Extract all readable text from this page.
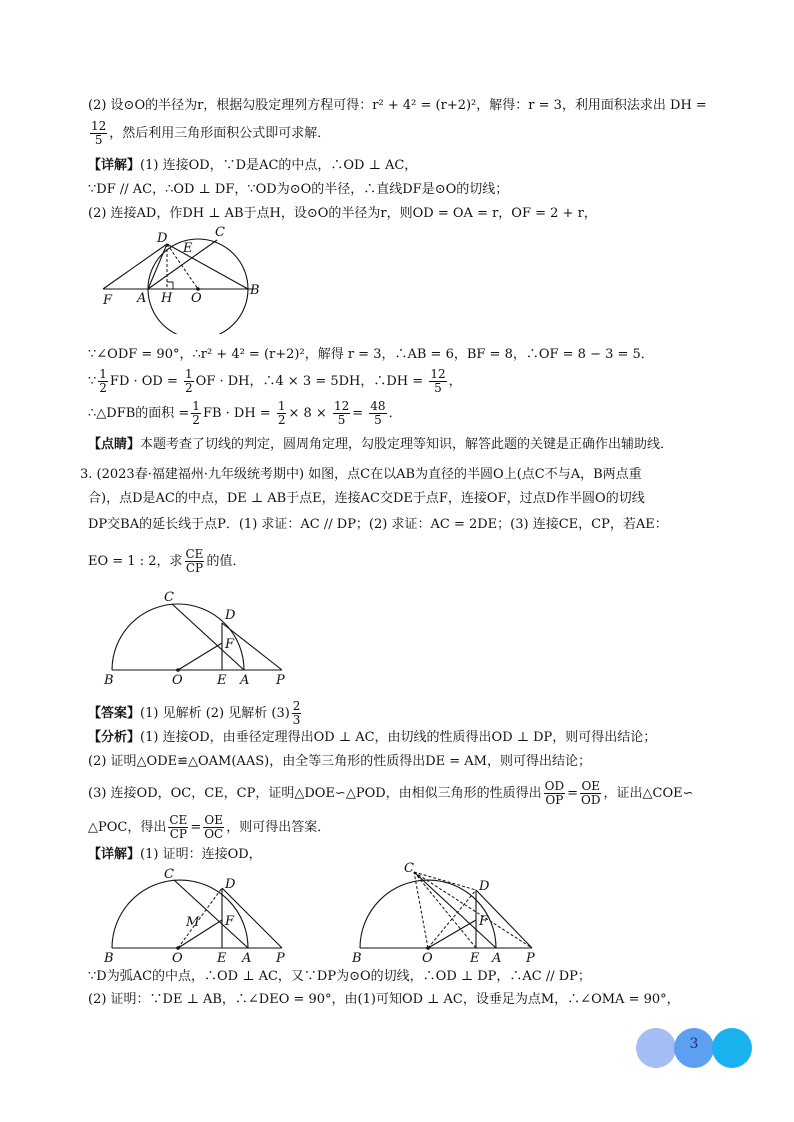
(2) 设⊙O的半径为r，根据勾股定理列方程可得：r² + 4² = (r+2)²，解得：r = 3，利用面积法求出 DH =
$\frac{12}{5}$ ，然后利用三角形面积公式即可求解．
【详解】(1) 连接OD，∵D是AC的中点，∴OD ⊥ AC，
∵DF // AC，∴OD ⊥ DF，∵OD为⊙O的半径，∴直线DF是⊙O的切线；
(2) 连接AD，作DH ⊥ AB于点H，设⊙O的半径为r，则OD = OA = r，OF = 2 + r，
D	C
E
F A H O
B
∵∠ODF = 90°，∴r² + 4² = (r+2)²，解得 r = 3，∴AB = 6，BF = 8，∴OF = 8 − 3 = 5．
∵ $\frac{1}{2}$ FD · OD = $\frac{1}{2}$ OF · DH，∴4 × 3 = 5DH，∴DH = $\frac{12}{5}$ ，
∴△DFB的面积 = $\frac{1}{2}$ FB · DH = $\frac{1}{2} \times 8 \times \frac{12}{5} = \frac{48}{5}$ ．
【点睛】本题考查了切线的判定，圆周角定理，勾股定理等知识，解答此题的关键是正确作出辅助线．
3. (2023春·福建福州·九年级统考期中) 如图，点C在以AB为直径的半圆O上(点C不与A，B两点重
合)，点D是AC的中点，DE ⊥ AB于点E，连接AC交DE于点F，连接OF，过点D作半圆O的切线
DP交BA的延长线于点P．(1) 求证：AC // DP；(2) 求证：AC = 2DE；(3) 连接CE，CP，若AE：
EO = 1 : 2，求 $\frac{CE}{CP}$ 的值．
C
D
F
B	O	E A P
【答案】(1) 见解析 (2) 见解析 $(3) \frac{2}{3}$
【分析】(1) 连接OD，由垂径定理得出OD ⊥ AC，由切线的性质得出OD ⊥ DP，则可得出结论；
(2) 证明△ODE≌△OAM(AAS)，由全等三角形的性质得出DE = AM，则可得出结论；
(3) 连接OD，OC，CE，CP，证明△DOE∽△POD，由相似三角形的性质得出 $\frac{OD}{OP} = \frac{OE}{OD}$ ，证出△COE∽
△POC，得出 $\frac{CE}{CP} = \frac{OE}{OC}$ ，则可得出答案．
【详解】(1) 证明：连接OD，
C
D
M F
B	O	E A P
C
D
F
B	O	E A P
∵D为弧AC的中点，∴OD ⊥ AC，又∵DP为⊙O的切线，∴OD ⊥ DP，∴AC // DP；
(2) 证明：∵DE ⊥ AB，∴∠DEO = 90°，由(1)可知OD ⊥ AC，设垂足为点M，∴∠OMA = 90°，
3
